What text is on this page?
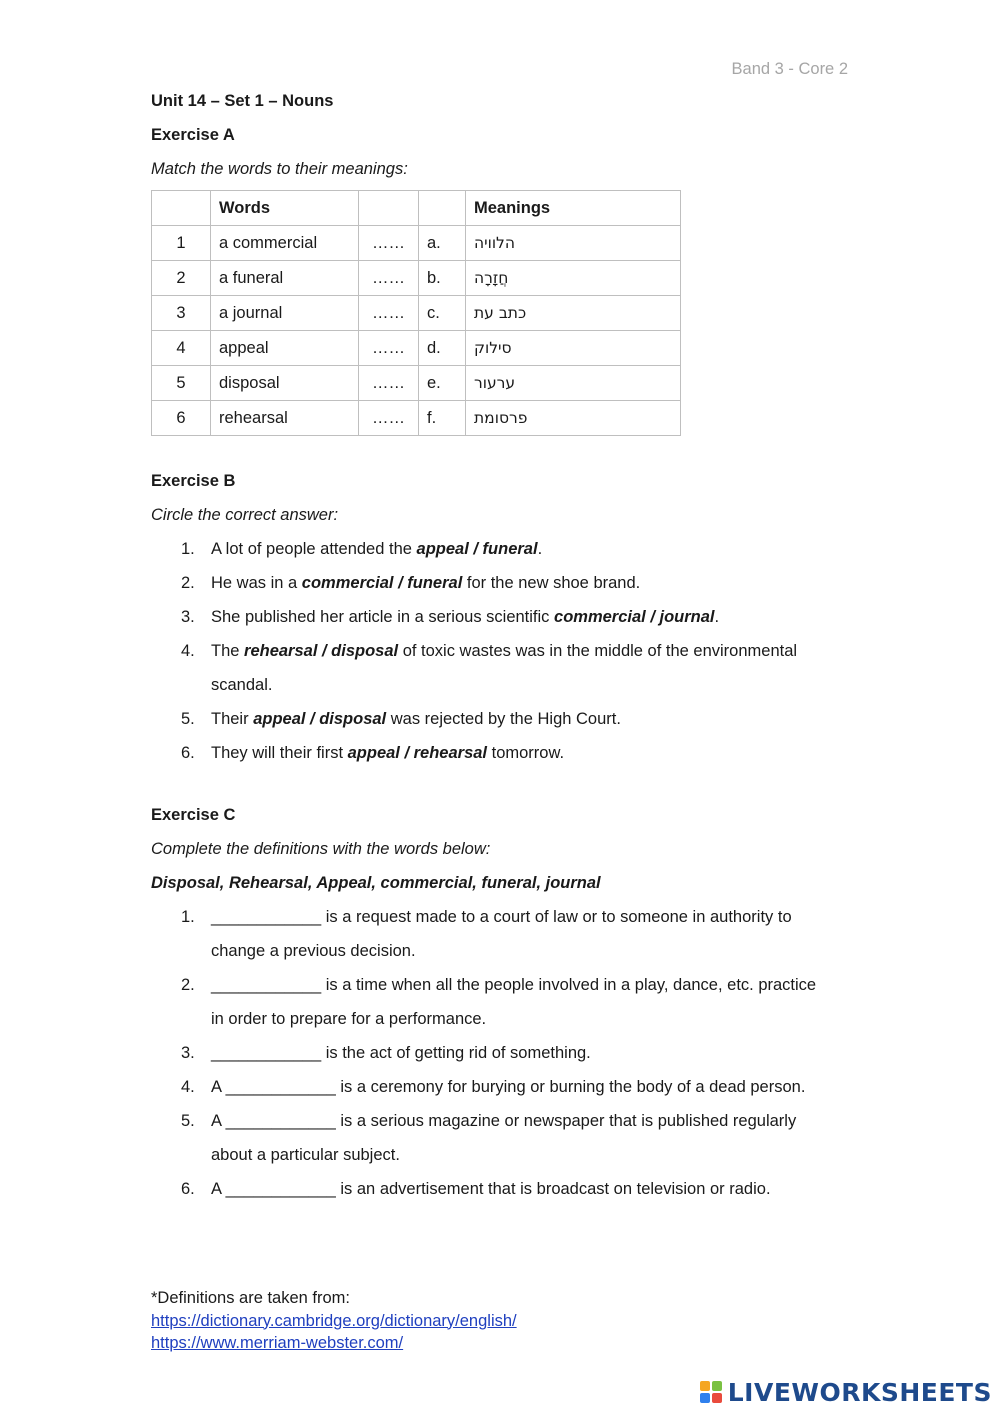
Band 3 - Core 2
Unit 14 – Set 1 – Nouns
Exercise A
Match the words to their meanings:
	Words			Meanings
1	a commercial	……	a.	הלוויה
2	a funeral	……	b.	חֲזָרָה
3	a journal	……	c.	כתב עת
4	appeal	……	d.	סילוק
5	disposal	……	e.	ערעור
6	rehearsal	……	f.	פרסומת
Exercise B
Circle the correct answer:
1. A lot of people attended the appeal / funeral.
2. He was in a commercial / funeral for the new shoe brand.
3. She published her article in a serious scientific commercial / journal.
4. The rehearsal / disposal of toxic wastes was in the middle of the environmental
scandal.
5. Their appeal / disposal was rejected by the High Court.
6. They will their first appeal / rehearsal tomorrow.
Exercise C
Complete the definitions with the words below:
Disposal, Rehearsal, Appeal, commercial, funeral, journal
1. ____________ is a request made to a court of law or to someone in authority to
change a previous decision.
2. ____________ is a time when all the people involved in a play, dance, etc. practice
in order to prepare for a performance.
3. ____________ is the act of getting rid of something.
4. A ____________ is a ceremony for burying or burning the body of a dead person.
5. A ____________ is a serious magazine or newspaper that is published regularly
about a particular subject.
6. A ____________ is an advertisement that is broadcast on television or radio.
*Definitions are taken from:
https://dictionary.cambridge.org/dictionary/english/
https://www.merriam-webster.com/
LIVEWORKSHEETS
